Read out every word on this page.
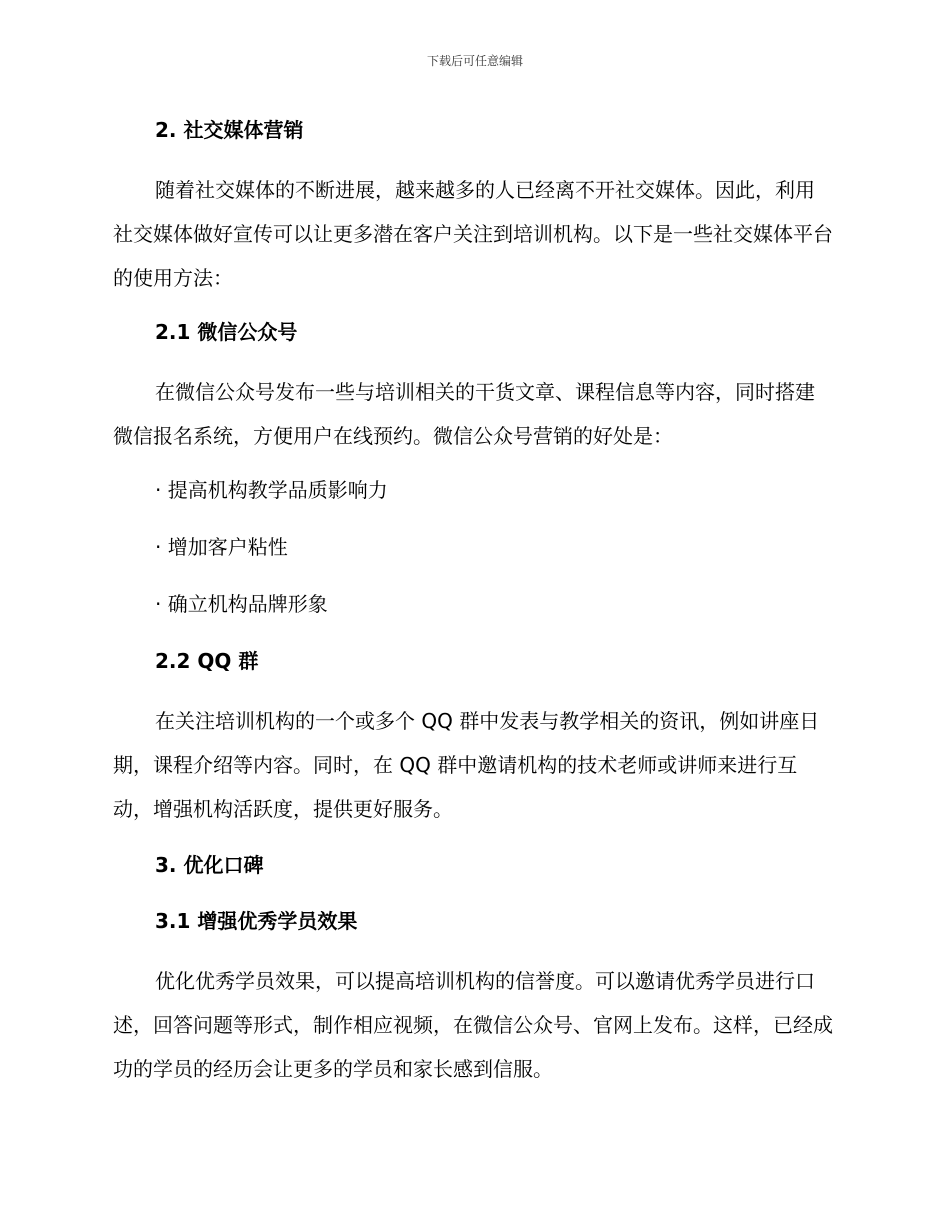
下载后可任意编辑
2. 社交媒体营销
随着社交媒体的不断进展，越来越多的人已经离不开社交媒体。因此，利用社交媒体做好宣传可以让更多潜在客户关注到培训机构。以下是一些社交媒体平台的使用方法：
2.1 微信公众号
在微信公众号发布一些与培训相关的干货文章、课程信息等内容，同时搭建微信报名系统，方便用户在线预约。微信公众号营销的好处是：
· 提高机构教学品质影响力
· 增加客户粘性
· 确立机构品牌形象
2.2 QQ 群
在关注培训机构的一个或多个 QQ 群中发表与教学相关的资讯，例如讲座日期，课程介绍等内容。同时，在 QQ 群中邀请机构的技术老师或讲师来进行互动，增强机构活跃度，提供更好服务。
3. 优化口碑
3.1 增强优秀学员效果
优化优秀学员效果，可以提高培训机构的信誉度。可以邀请优秀学员进行口述，回答问题等形式，制作相应视频，在微信公众号、官网上发布。这样，已经成功的学员的经历会让更多的学员和家长感到信服。
